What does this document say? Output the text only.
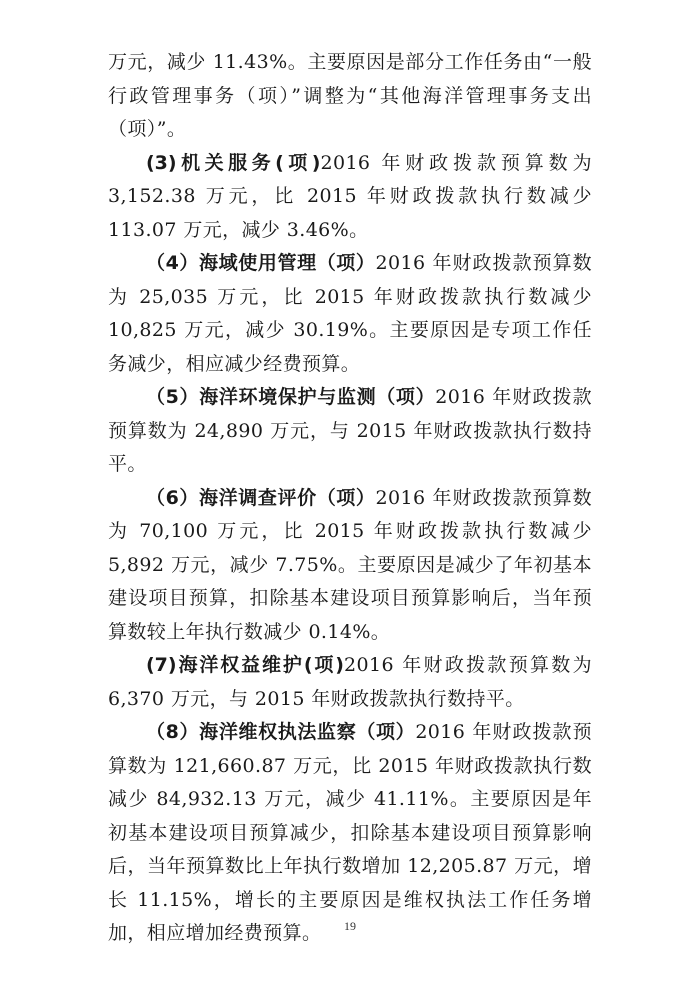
万元，减少 11.43%。主要原因是部分工作任务由“一般行政管理事务（项）”调整为“其他海洋管理事务支出（项）”。

(3)机关服务(项)2016 年财政拨款预算数为 3,152.38 万元，比 2015 年财政拨款执行数减少 113.07 万元，减少 3.46%。

（4）海域使用管理（项）2016 年财政拨款预算数为 25,035 万元，比 2015 年财政拨款执行数减少 10,825 万元，减少 30.19%。主要原因是专项工作任务减少，相应减少经费预算。

（5）海洋环境保护与监测（项）2016 年财政拨款预算数为 24,890 万元，与 2015 年财政拨款执行数持平。

（6）海洋调查评价（项）2016 年财政拨款预算数为 70,100 万元，比 2015 年财政拨款执行数减少 5,892 万元，减少 7.75%。主要原因是减少了年初基本建设项目预算，扣除基本建设项目预算影响后，当年预算数较上年执行数减少 0.14%。

(7)海洋权益维护(项)2016 年财政拨款预算数为 6,370 万元，与 2015 年财政拨款执行数持平。

（8）海洋维权执法监察（项）2016 年财政拨款预算数为 121,660.87 万元，比 2015 年财政拨款执行数减少 84,932.13 万元，减少 41.11%。主要原因是年初基本建设项目预算减少，扣除基本建设项目预算影响后，当年预算数比上年执行数增加 12,205.87 万元，增长 11.15%，增长的主要原因是维权执法工作任务增加，相应增加经费预算。	19
